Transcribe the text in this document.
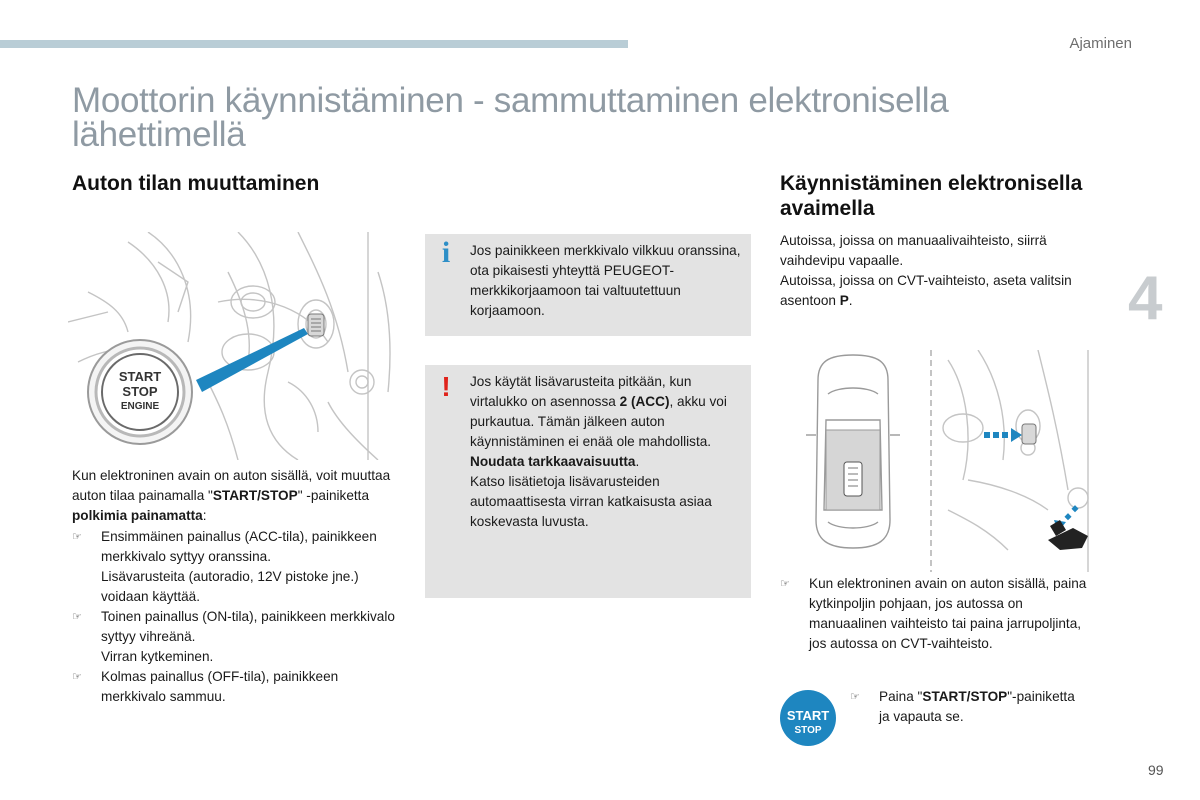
Ajaminen
4
Moottorin käynnistäminen - sammuttaminen elektronisella lähettimellä
Auton tilan muuttaminen
START
STOP
ENGINE

Kun elektroninen avain on auton sisällä, voit muuttaa auton tilaa painamalla "START/STOP" -painiketta polkimia painamatta:

☞ Ensimmäinen painallus (ACC-tila), painikkeen merkkivalo syttyy oranssina.
Lisävarusteita (autoradio, 12V pistoke jne.) voidaan käyttää.
☞ Toinen painallus (ON-tila), painikkeen merkkivalo syttyy vihreänä.
Virran kytkeminen.
☞ Kolmas painallus (OFF-tila), painikkeen merkkivalo sammuu.
i	Jos painikkeen merkkivalo vilkkuu oranssina, ota pikaisesti yhteyttä PEUGEOT-merkkikorjaamoon tai valtuutettuun korjaamoon.

!	Jos käytät lisävarusteita pitkään, kun virtalukko on asennossa 2 (ACC), akku voi purkautua. Tämän jälkeen auton käynnistäminen ei enää ole mahdollista.
Noudata tarkkaavaisuutta.
Katso lisätietoja lisävarusteiden automaattisesta virran katkaisusta asiaa koskevasta luvusta.

Käynnistäminen elektronisella avaimella
Autoissa, joissa on manuaalivaihteisto, siirrä vaihdevipu vapaalle.
Autoissa, joissa on CVT-vaihteisto, aseta valitsin asentoon P.
☞ Kun elektroninen avain on auton sisällä, paina kytkinpoljin pohjaan, jos autossa on manuaalinen vaihteisto tai paina jarrupoljinta, jos autossa on CVT-vaihteisto.
START
STOP
☞ Paina "START/STOP"-painiketta ja vapauta se.
99
